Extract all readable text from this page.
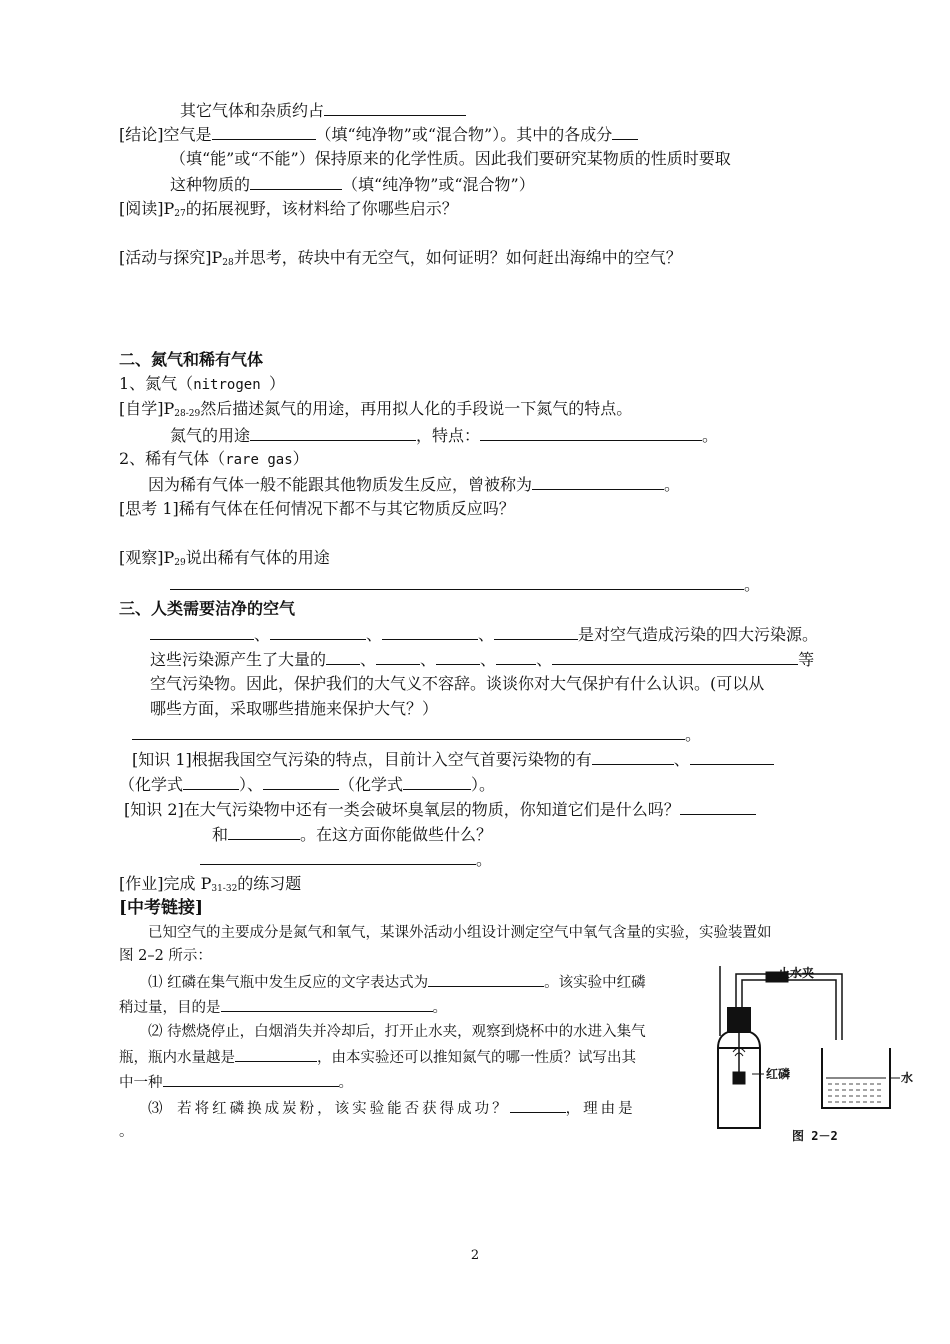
其它气体和杂质约占
[结论]空气是	（填“纯净物”或“混合物”）。其中的各成分
（填“能”或“不能”）保持原来的化学性质。因此我们要研究某物质的性质时要取
这种物质的	（填“纯净物”或“混合物”）
[阅读]$P_{27}$的拓展视野，该材料给了你哪些启示？
[活动与探究]$P_{28}$并思考，砖块中有无空气，如何证明？如何赶出海绵中的空气？
二、氮气和稀有气体
1、氮气（nitrogen ）
[自学]$P_{28-29}$然后描述氮气的用途，再用拟人化的手段说一下氮气的特点。
氮气的用途	，特点：	。
2、稀有气体（rare gas）
因为稀有气体一般不能跟其他物质发生反应，曾被称为	。
[思考 1]稀有气体在任何情况下都不与其它物质反应吗？
[观察]$P_{29}$说出稀有气体的用途
。
三、人类需要洁净的空气
、	、	、	是对空气造成污染的四大污染源。
这些污染源产生了大量的 、	、	、	、	等
空气污染物。因此，保护我们的大气义不容辞。谈谈你对大气保护有什么认识。(可以从
哪些方面，采取哪些措施来保护大气？）
。
[知识 1]根据我国空气污染的特点，目前计入空气首要污染物的有	、
（化学式	）、	（化学式	）。
[知识 2]在大气污染物中还有一类会破坏臭氧层的物质，你知道它们是什么吗？
和	。在这方面你能做些什么？
。
[作业]完成 $P_{31-32}$的练习题
[中考链接]
已知空气的主要成分是氮气和氧气，某课外活动小组设计测定空气中氧气含量的实验，实验装置如
图 2–2 所示：
⑴ 红磷在集气瓶中发生反应的文字表达式为	。该实验中红磷
稍过量，目的是	。
⑵ 待燃烧停止，白烟消失并冷却后，打开止水夹，观察到烧杯中的水进入集气
瓶，瓶内水量越是	，由本实验还可以推知氮气的哪一性质？试写出其
中一种	。
⑶ 若将红磷换成炭粉，该实验能否获得成功？	，理由是
。
止水夹
红磷	水
图 2－2
2
